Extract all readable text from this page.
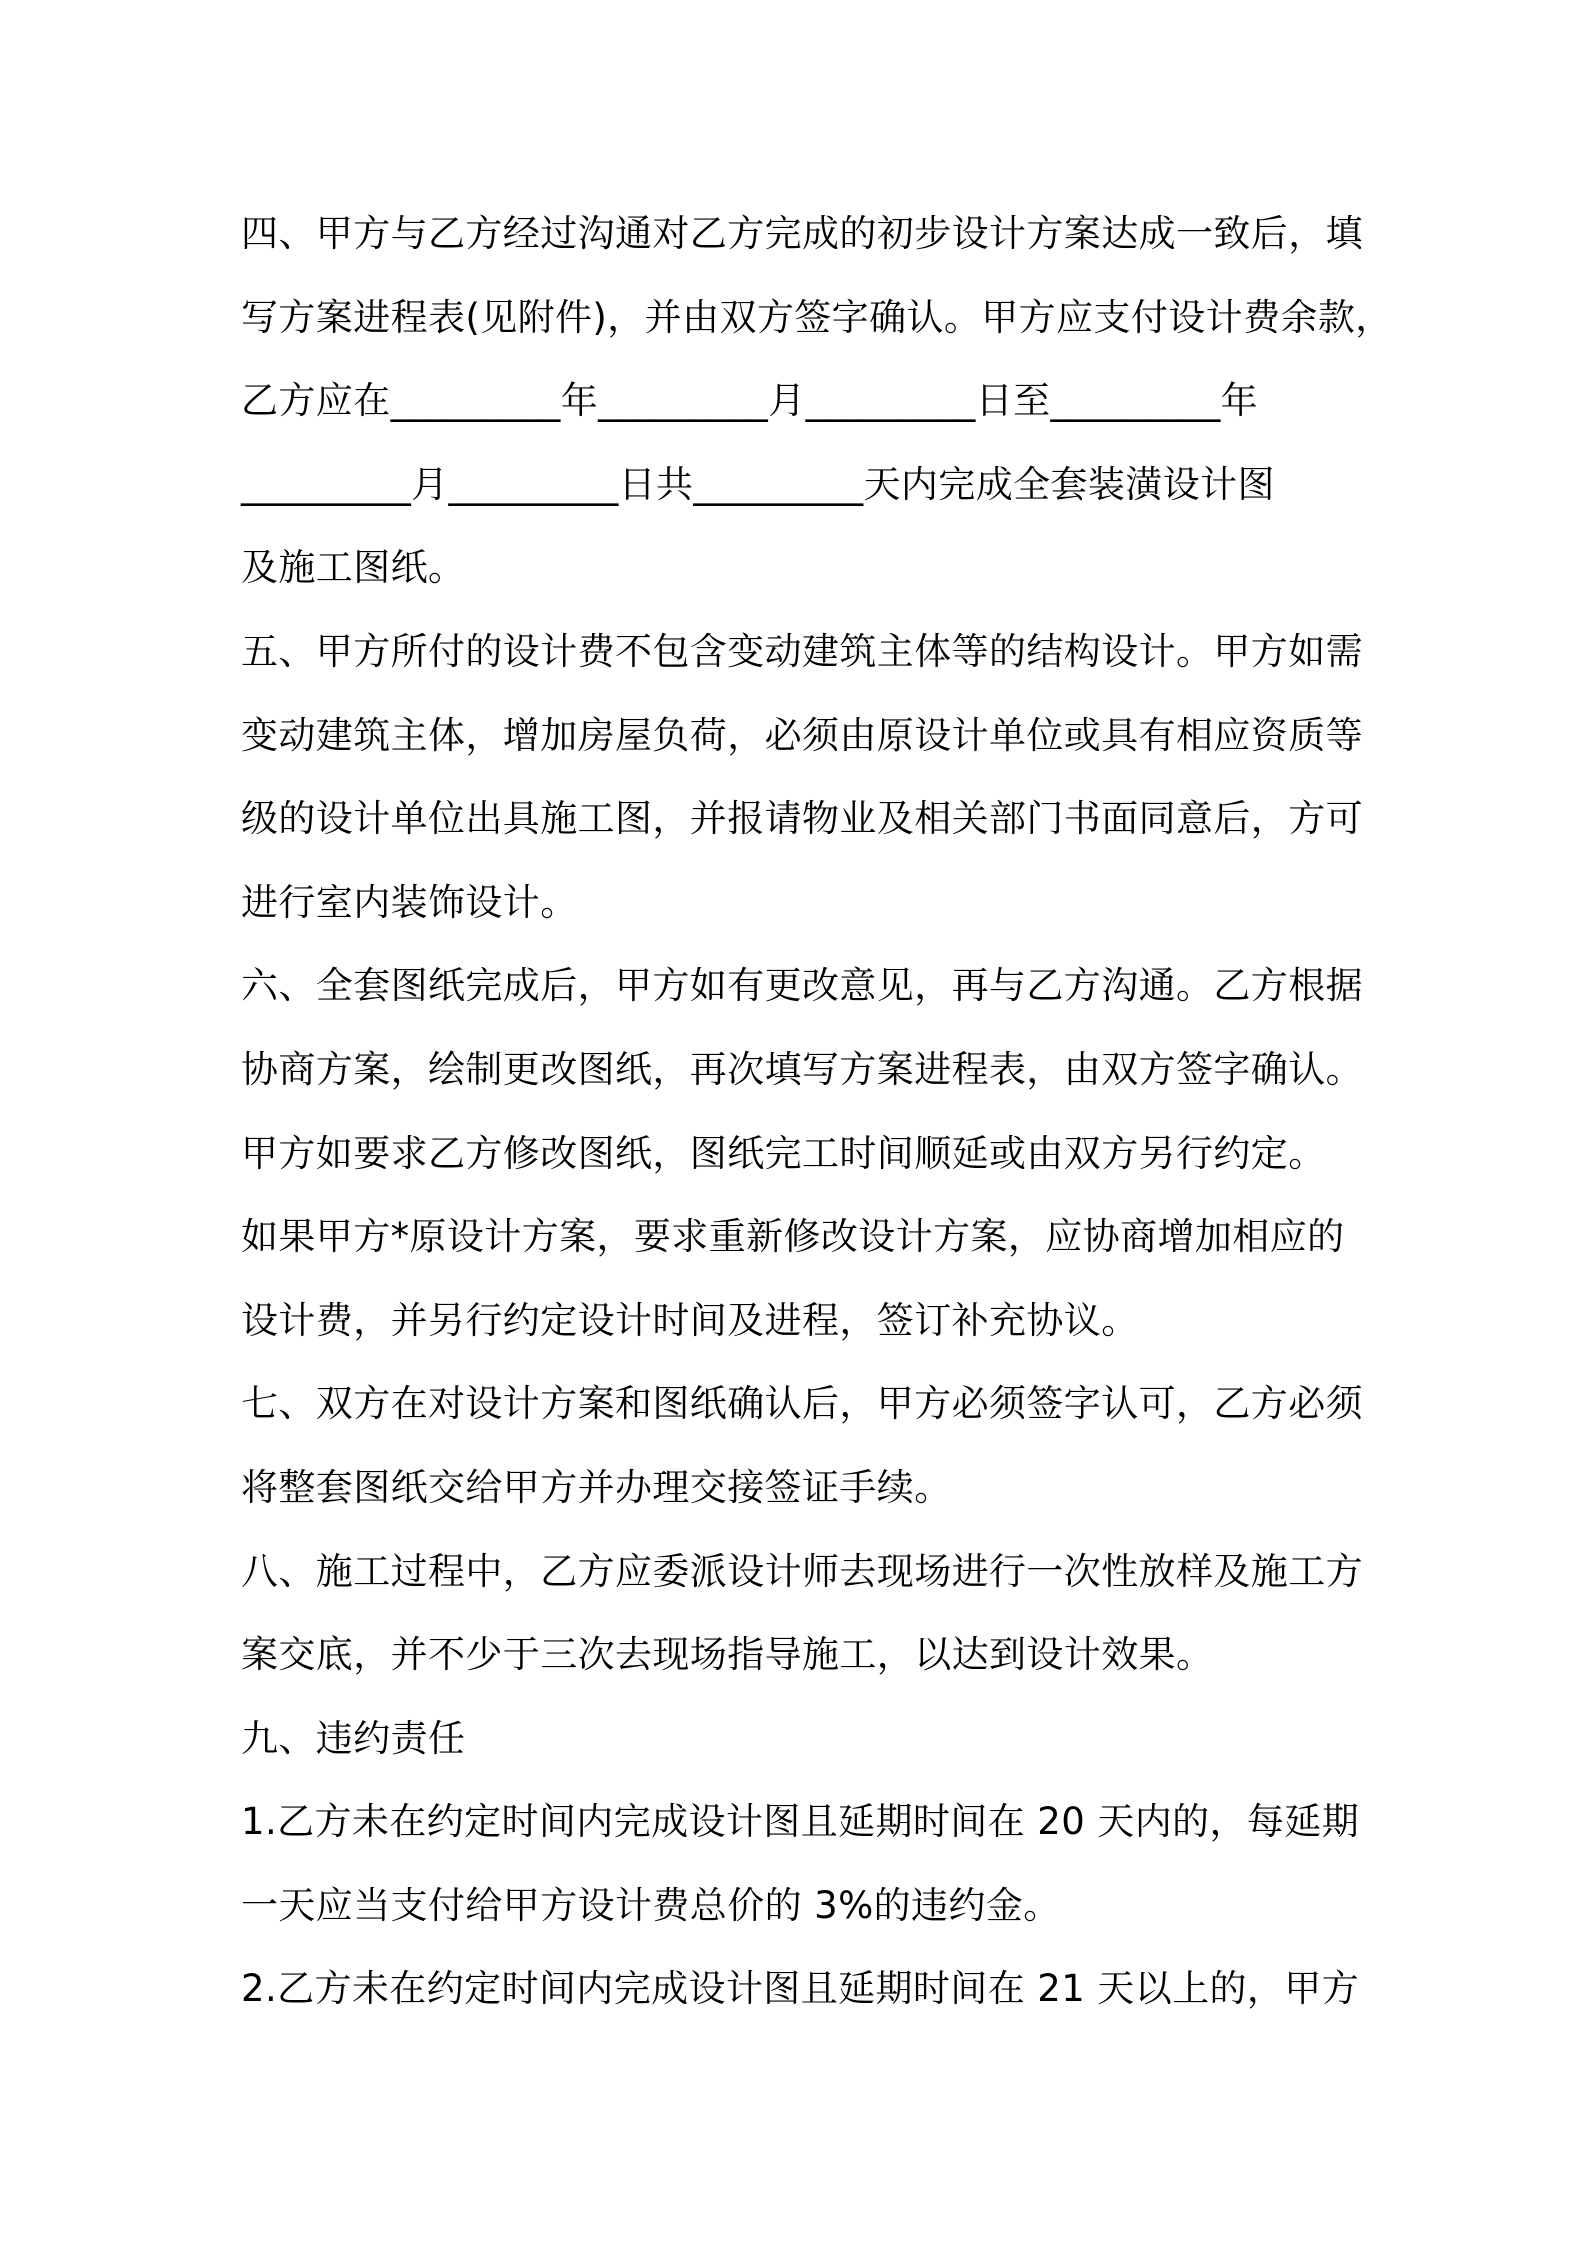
四、甲方与乙方经过沟通对乙方完成的初步设计方案达成一致后，填
写方案进程表(见附件)，并由双方签字确认。甲方应支付设计费余款，
乙方应在_________年_________月_________日至_________年
_________月_________日共_________天内完成全套装潢设计图
及施工图纸。
五、甲方所付的设计费不包含变动建筑主体等的结构设计。甲方如需
变动建筑主体，增加房屋负荷，必须由原设计单位或具有相应资质等
级的设计单位出具施工图，并报请物业及相关部门书面同意后，方可
进行室内装饰设计。
六、全套图纸完成后，甲方如有更改意见，再与乙方沟通。乙方根据
协商方案，绘制更改图纸，再次填写方案进程表，由双方签字确认。
甲方如要求乙方修改图纸，图纸完工时间顺延或由双方另行约定。
如果甲方*原设计方案，要求重新修改设计方案，应协商增加相应的
设计费，并另行约定设计时间及进程，签订补充协议。
七、双方在对设计方案和图纸确认后，甲方必须签字认可，乙方必须
将整套图纸交给甲方并办理交接签证手续。
八、施工过程中，乙方应委派设计师去现场进行一次性放样及施工方
案交底，并不少于三次去现场指导施工，以达到设计效果。
九、违约责任
1.乙方未在约定时间内完成设计图且延期时间在 20 天内的，每延期
一天应当支付给甲方设计费总价的 3%的违约金。
2.乙方未在约定时间内完成设计图且延期时间在 21 天以上的，甲方
